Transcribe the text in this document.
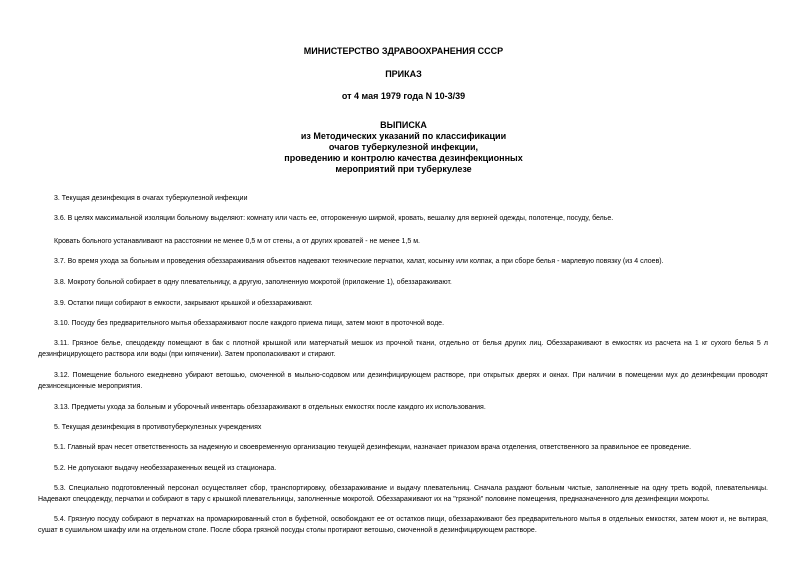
МИНИСТЕРСТВО ЗДРАВООХРАНЕНИЯ СССР
ПРИКАЗ
от 4 мая 1979 года N 10-3/39
ВЫПИСКА
из Методических указаний по классификации
очагов туберкулезной инфекции,
проведению и контролю качества дезинфекционных
мероприятий при туберкулезе

3. Текущая дезинфекция в очагах туберкулезной инфекции

3.6. В целях максимальной изоляции больному выделяют: комнату или часть ее, отгороженную ширмой, кровать, вешалку для верхней одежды, полотенце, посуду, белье.

Кровать больного устанавливают на расстоянии не менее 0,5 м от стены, а от других кроватей - не менее 1,5 м.

3.7. Во время ухода за больным и проведения обеззараживания объектов надевают технические перчатки, халат, косынку или колпак, а при сборе белья - марлевую повязку (из 4 слоев).

3.8. Мокроту больной собирает в одну плевательницу, а другую, заполненную мокротой (приложение 1), обеззараживают.

3.9. Остатки пищи собирают в емкости, закрывают крышкой и обеззараживают.

3.10. Посуду без предварительного мытья обеззараживают после каждого приема пищи, затем моют в проточной воде.

3.11. Грязное белье, спецодежду помещают в бак с плотной крышкой или матерчатый мешок из прочной ткани, отдельно от белья других лиц. Обеззараживают в емкостях из расчета на 1 кг сухого белья 5 л дезинфицирующего раствора или воды (при кипячении). Затем прополаскивают и стирают.

3.12. Помещение больного ежедневно убирают ветошью, смоченной в мыльно-содовом или дезинфицирующем растворе, при открытых дверях и окнах. При наличии в помещении мух до дезинфекции проводят дезинсекционные мероприятия.

3.13. Предметы ухода за больным и уборочный инвентарь обеззараживают в отдельных емкостях после каждого их использования.

5. Текущая дезинфекция в противотуберкулезных учреждениях

5.1. Главный врач несет ответственность за надежную и своевременную организацию текущей дезинфекции, назначает приказом врача отделения, ответственного за правильное ее проведение.

5.2. Не допускают выдачу необеззараженных вещей из стационара.

5.3. Специально подготовленный персонал осуществляет сбор, транспортировку, обеззараживание и выдачу плевательниц. Сначала раздают больным чистые, заполненные на одну треть водой, плевательницы. Надевают спецодежду, перчатки и собирают в тару с крышкой плевательницы, заполненные мокротой. Обеззараживают их на "грязной" половине помещения, предназначенного для дезинфекции мокроты.

5.4. Грязную посуду собирают в перчатках на промаркированный стол в буфетной, освобождают ее от остатков пищи, обеззараживают без предварительного мытья в отдельных емкостях, затем моют и, не вытирая, сушат в сушильном шкафу или на отдельном столе. После сбора грязной посуды столы протирают ветошью, смоченной в дезинфицирующем растворе.
